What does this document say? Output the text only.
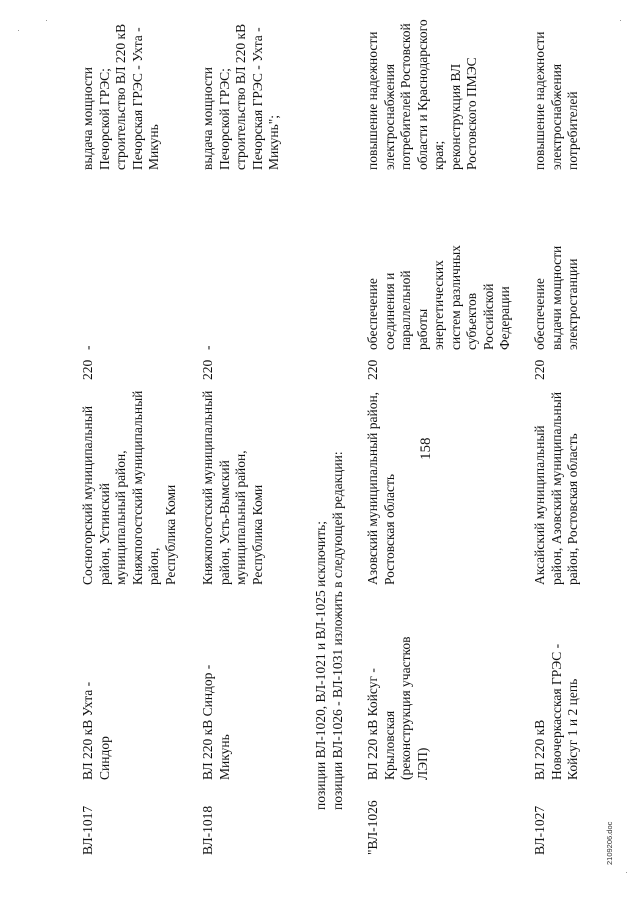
158
ВЛ-1017
ВЛ 220 кВ Ухта - Синдор
Сосногорский муниципальный район, Устинский муниципальный район, Княжпогостский муниципальный район, Республика Коми
220
-
выдача мощности Печорской ГРЭС; строительство ВЛ 220 кВ Печорская ГРЭС - Ухта - Микунь
ВЛ-1018
ВЛ 220 кВ Синдор - Микунь
Княжпогостский муниципальный район, Усть-Вымский муниципальный район, Республика Коми
220
-
выдача мощности Печорской ГРЭС; строительство ВЛ 220 кВ Печорская ГРЭС - Ухта - Микунь";
позиции ВЛ-1020, ВЛ-1021 и ВЛ-1025 исключить; позиции ВЛ-1026 - ВЛ-1031 изложить в следующей редакции:
"ВЛ-1026
ВЛ 220 кВ Койсуг - Крыловская (реконструкция участков ЛЭП)
Азовский муниципальный район, Ростовская область
220
обеспечение соединения и параллельной работы энергетических систем различных субъектов Российской Федерации
повышение надежности электроснабжения потребителей Ростовской области и Краснодарского края; реконструкция ВЛ Ростовского ПМЭС
ВЛ-1027
ВЛ 220 кВ Новочеркасская ГРЭС - Койсуг 1 и 2 цепь
Аксайский муниципальный район, Азовский муниципальный район, Ростовская область
220
обеспечение выдачи мощности электростанции
повышение надежности электроснабжения потребителей
2109206.doc
